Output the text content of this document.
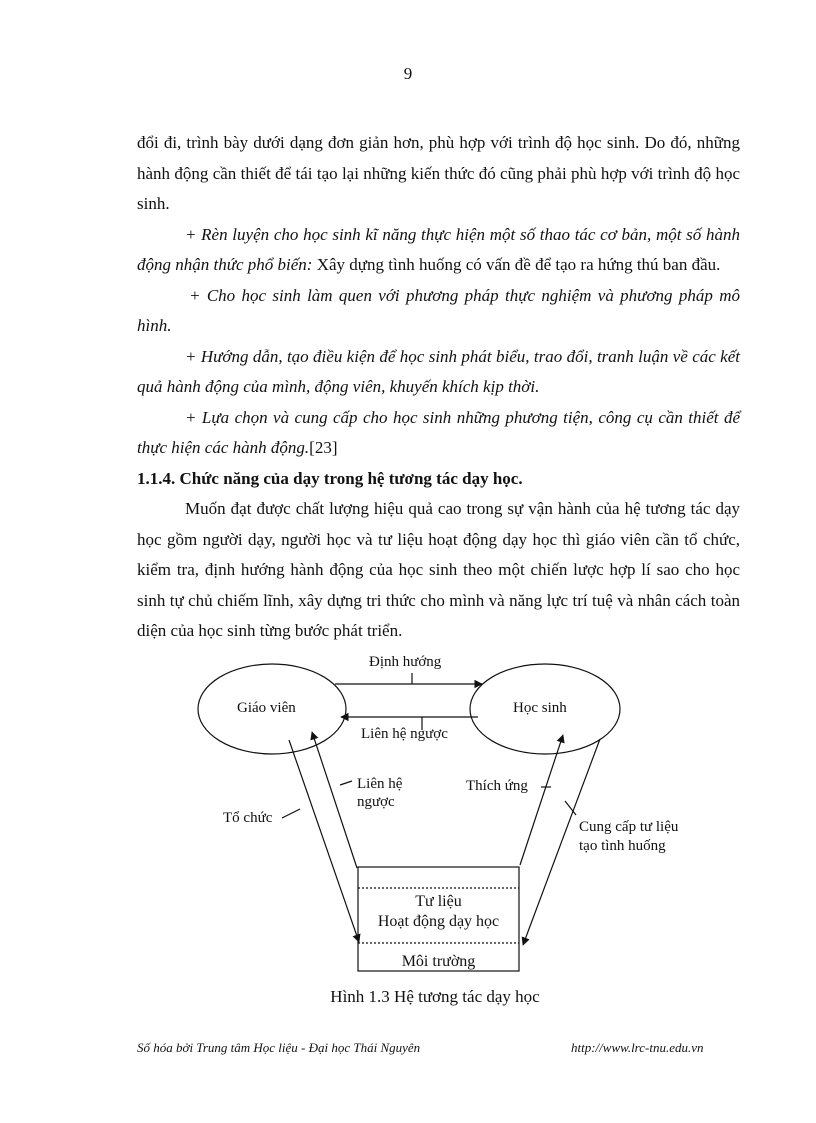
9

đổi đi, trình bày dưới dạng đơn giản hơn, phù hợp với trình độ học sinh. Do đó, những hành động cần thiết để tái tạo lại những kiến thức đó cũng phải phù hợp với trình độ học sinh.

+ Rèn luyện cho học sinh kĩ năng thực hiện một số thao tác cơ bản, một số hành động nhận thức phổ biến: Xây dựng tình huống có vấn đề để tạo ra hứng thú ban đầu.

+ Cho học sinh làm quen với phương pháp thực nghiệm và phương pháp mô hình.

+ Hướng dẫn, tạo điều kiện để học sinh phát biểu, trao đổi, tranh luận về các kết quả hành động của mình, động viên, khuyến khích kịp thời.

+ Lựa chọn và cung cấp cho học sinh những phương tiện, công cụ cần thiết để thực hiện các hành động.[23]

1.1.4. Chức năng của dạy trong hệ tương tác dạy học.

Muốn đạt được chất lượng hiệu quả cao trong sự vận hành của hệ tương tác dạy học gồm người dạy, người học và tư liệu hoạt động dạy học thì giáo viên cần tổ chức, kiểm tra, định hướng hành động của học sinh theo một chiến lược hợp lí sao cho học sinh tự chủ chiếm lĩnh, xây dựng tri thức cho mình và năng lực trí tuệ và nhân cách toàn diện của học sinh từng bước phát triển.

Định hướng
Giáo viên	Học sinh
Liên hệ ngược
Liên hệ
ngược
Thích ứng
Tổ chức
Cung cấp tư liệu
tạo tình huống
Tư liệu
Hoạt động dạy học
Môi trường
Hình 1.3 Hệ tương tác dạy học
Số hóa bởi Trung tâm Học liệu - Đại học Thái Nguyên	http://www.lrc-tnu.edu.vn
